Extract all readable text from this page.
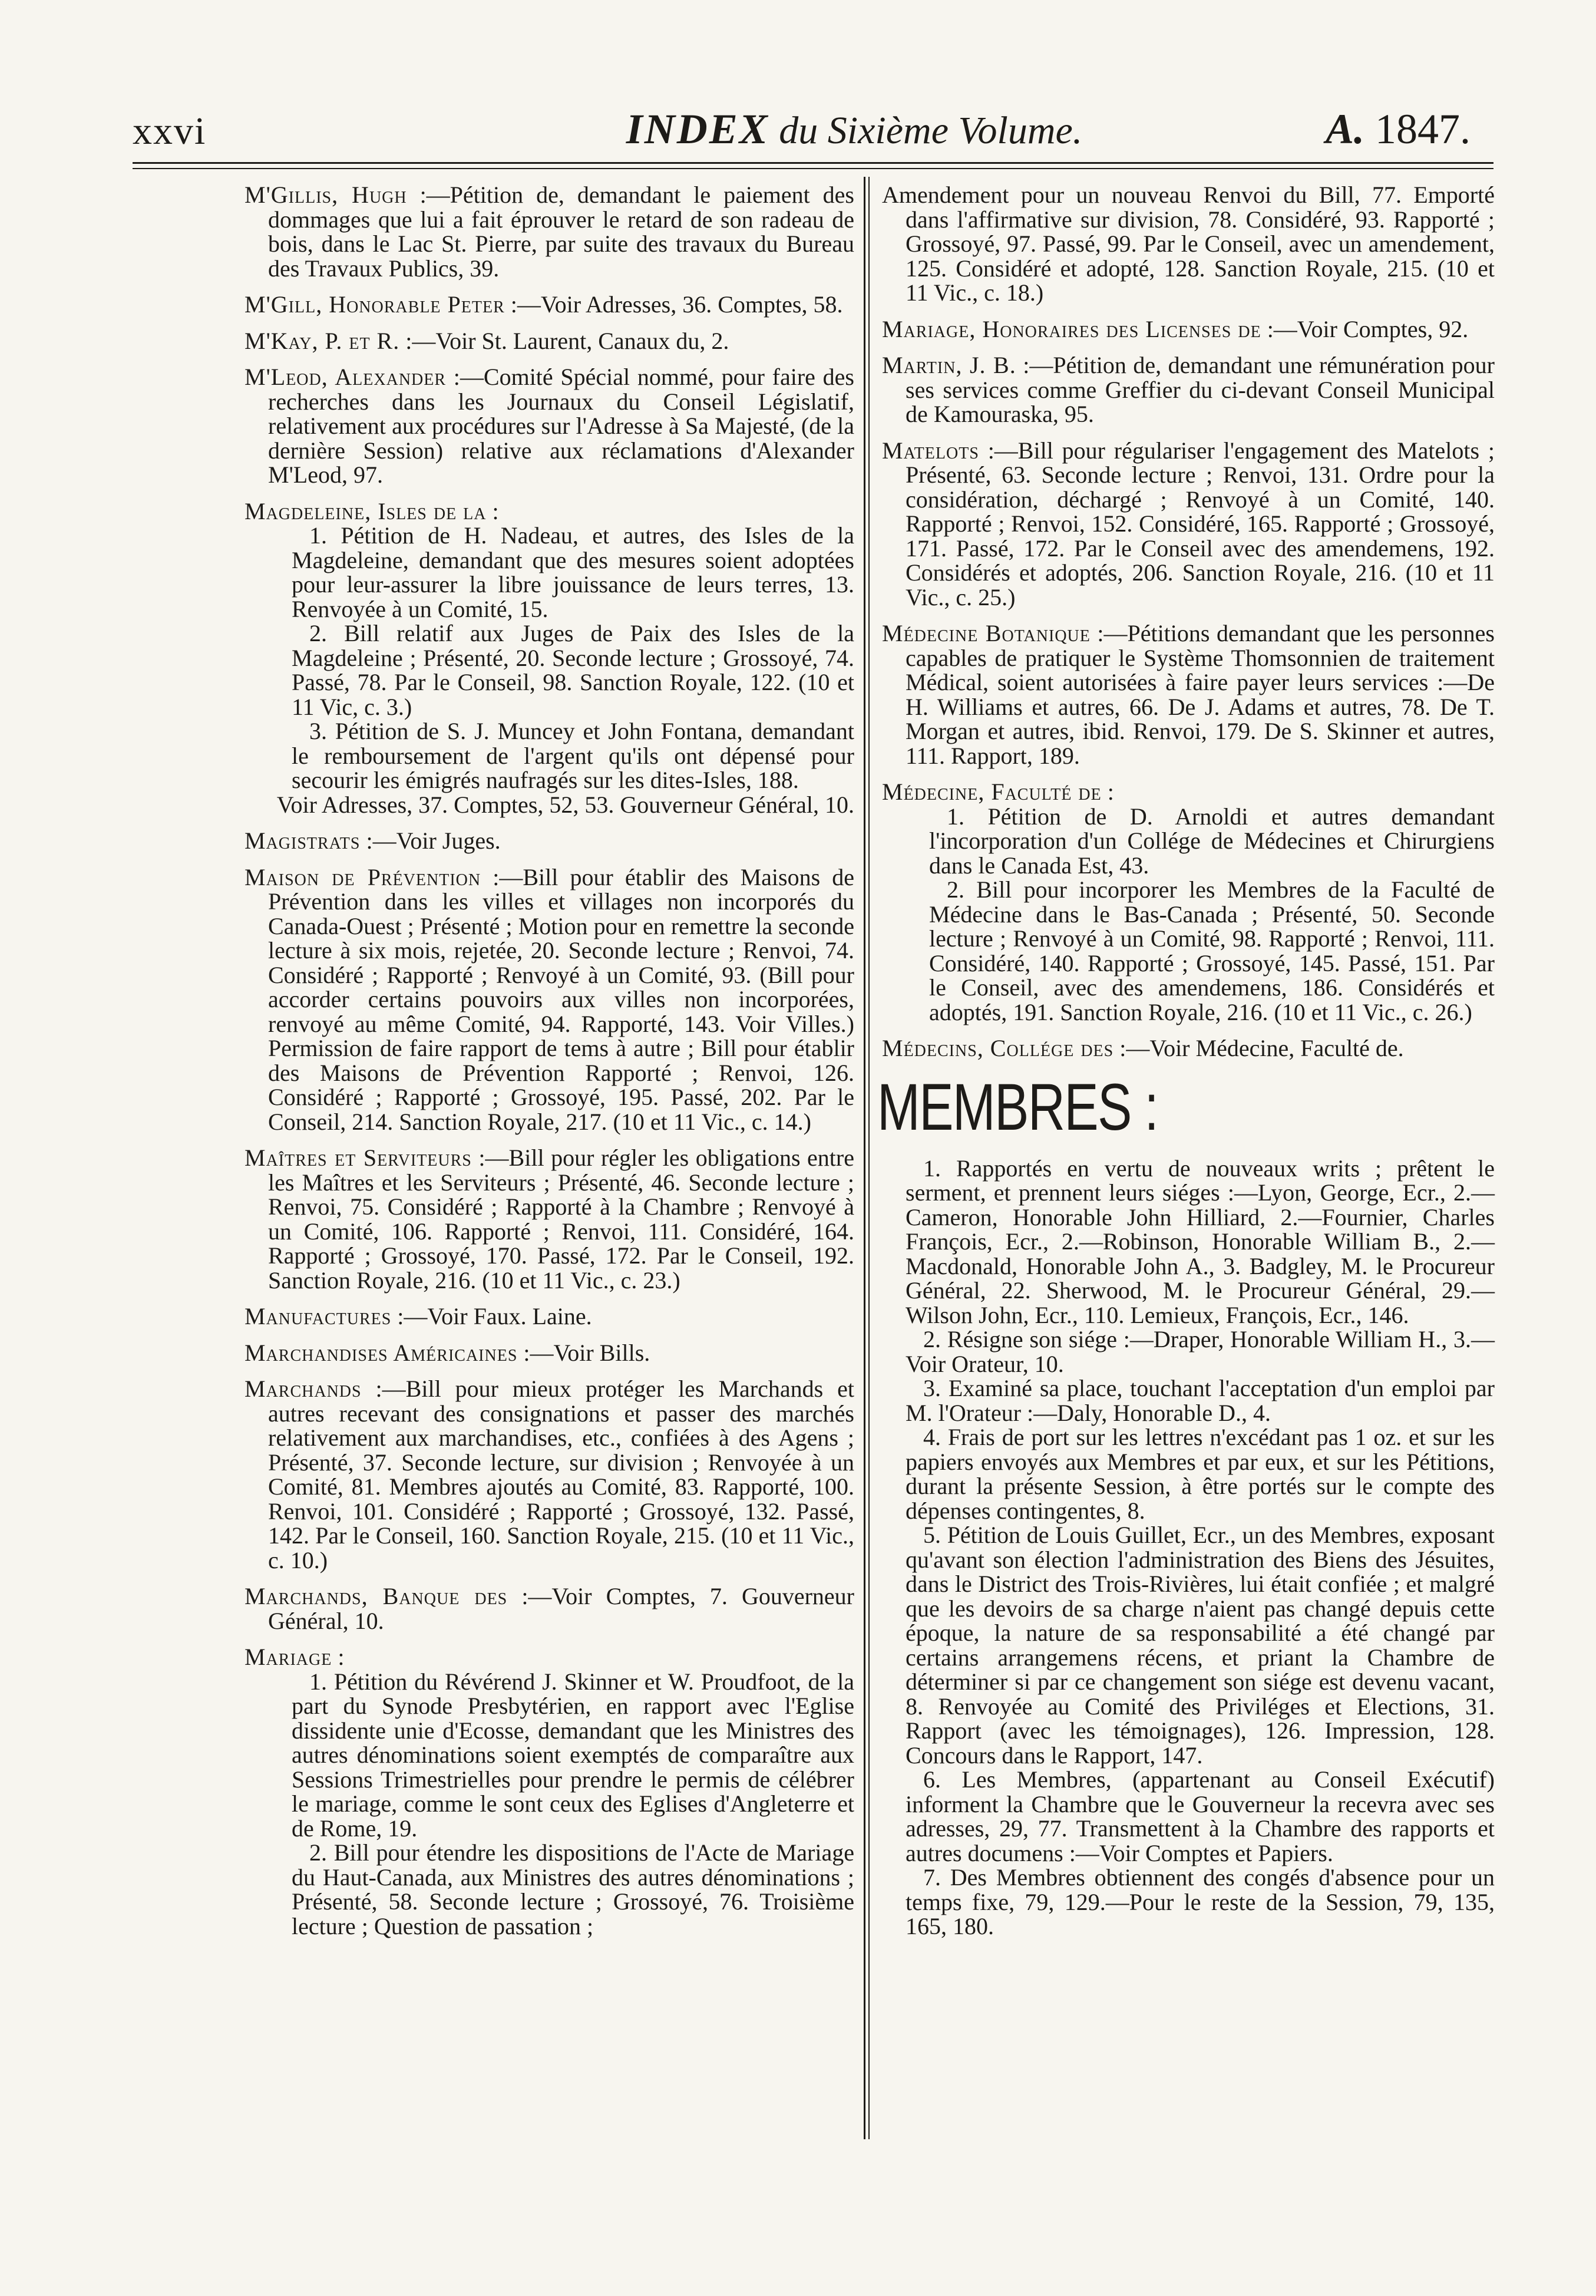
xxvi	INDEX du Sixième Volume.	A. 1847.
M'Gillis, Hugh :—Pétition de, demandant le paiement des dommages que lui a fait éprouver le retard de son radeau de bois, dans le Lac St. Pierre, par suite des travaux du Bureau des Travaux Publics, 39.
M'Gill, Honorable Peter :—Voir Adresses, 36. Comptes, 58.
M'Kay, P. et R. :—Voir St. Laurent, Canaux du, 2.
M'Leod, Alexander :—Comité Spécial nommé, pour faire des recherches dans les Journaux du Conseil Législatif, relativement aux procédures sur l'Adresse à Sa Majesté, (de la dernière Session) relative aux réclamations d'Alexander M'Leod, 97.
Magdeleine, Isles de la :

1. Pétition de H. Nadeau, et autres, des Isles de la Magdeleine, demandant que des mesures soient adoptées pour leur-assurer la libre jouissance de leurs terres, 13. Renvoyée à un Comité, 15.

2. Bill relatif aux Juges de Paix des Isles de la Magdeleine ; Présenté, 20. Seconde lecture ; Grossoyé, 74. Passé, 78. Par le Conseil, 98. Sanction Royale, 122. (10 et 11 Vic, c. 3.)

3. Pétition de S. J. Muncey et John Fontana, demandant le remboursement de l'argent qu'ils ont dépensé pour secourir les émigrés naufragés sur les dites-Isles, 188.

Voir Adresses, 37. Comptes, 52, 53. Gouverneur Général, 10.

Magistrats :—Voir Juges.
Maison de Prévention :—Bill pour établir des Maisons de Prévention dans les villes et villages non incorporés du Canada-Ouest ; Présenté ; Motion pour en remettre la seconde lecture à six mois, rejetée, 20. Seconde lecture ; Renvoi, 74. Considéré ; Rapporté ; Renvoyé à un Comité, 93. (Bill pour accorder certains pouvoirs aux villes non incorporées, renvoyé au même Comité, 94. Rapporté, 143. Voir Villes.) Permission de faire rapport de tems à autre ; Bill pour établir des Maisons de Prévention Rapporté ; Renvoi, 126. Considéré ; Rapporté ; Grossoyé, 195. Passé, 202. Par le Conseil, 214. Sanction Royale, 217. (10 et 11 Vic., c. 14.)
Maîtres et Serviteurs :—Bill pour régler les obligations entre les Maîtres et les Serviteurs ; Présenté, 46. Seconde lecture ; Renvoi, 75. Considéré ; Rapporté à la Chambre ; Renvoyé à un Comité, 106. Rapporté ; Renvoi, 111. Considéré, 164. Rapporté ; Grossoyé, 170. Passé, 172. Par le Conseil, 192. Sanction Royale, 216. (10 et 11 Vic., c. 23.)
Manufactures :—Voir Faux. Laine.
Marchandises Américaines :—Voir Bills.
Marchands :—Bill pour mieux protéger les Marchands et autres recevant des consignations et passer des marchés relativement aux marchandises, etc., confiées à des Agens ; Présenté, 37. Seconde lecture, sur division ; Renvoyée à un Comité, 81. Membres ajoutés au Comité, 83. Rapporté, 100. Renvoi, 101. Considéré ; Rapporté ; Grossoyé, 132. Passé, 142. Par le Conseil, 160. Sanction Royale, 215. (10 et 11 Vic., c. 10.)
Marchands, Banque des :—Voir Comptes, 7. Gouverneur Général, 10.
Mariage :

1. Pétition du Révérend J. Skinner et W. Proudfoot, de la part du Synode Presbytérien, en rapport avec l'Eglise dissidente unie d'Ecosse, demandant que les Ministres des autres dénominations soient exemptés de comparaître aux Sessions Trimestrielles pour prendre le permis de célébrer le mariage, comme le sont ceux des Eglises d'Angleterre et de Rome, 19.

2. Bill pour étendre les dispositions de l'Acte de Mariage du Haut-Canada, aux Ministres des autres dénominations ; Présenté, 58. Seconde lecture ; Grossoyé, 76. Troisième lecture ; Question de passation ;

Amendement pour un nouveau Renvoi du Bill, 77. Emporté dans l'affirmative sur division, 78. Considéré, 93. Rapporté ; Grossoyé, 97. Passé, 99. Par le Conseil, avec un amendement, 125. Considéré et adopté, 128. Sanction Royale, 215. (10 et 11 Vic., c. 18.)
Mariage, Honoraires des Licenses de :—Voir Comptes, 92.
Martin, J. B. :—Pétition de, demandant une rémunération pour ses services comme Greffier du ci-devant Conseil Municipal de Kamouraska, 95.
Matelots :—Bill pour régulariser l'engagement des Matelots ; Présenté, 63. Seconde lecture ; Renvoi, 131. Ordre pour la considération, déchargé ; Renvoyé à un Comité, 140. Rapporté ; Renvoi, 152. Considéré, 165. Rapporté ; Grossoyé, 171. Passé, 172. Par le Conseil avec des amendemens, 192. Considérés et adoptés, 206. Sanction Royale, 216. (10 et 11 Vic., c. 25.)
Médecine Botanique :—Pétitions demandant que les personnes capables de pratiquer le Système Thomsonnien de traitement Médical, soient autorisées à faire payer leurs services :—De H. Williams et autres, 66. De J. Adams et autres, 78. De T. Morgan et autres, ibid. Renvoi, 179. De S. Skinner et autres, 111. Rapport, 189.
Médecine, Faculté de :

1. Pétition de D. Arnoldi et autres demandant l'incorporation d'un Collége de Médecines et Chirurgiens dans le Canada Est, 43.

2. Bill pour incorporer les Membres de la Faculté de Médecine dans le Bas-Canada ; Présenté, 50. Seconde lecture ; Renvoyé à un Comité, 98. Rapporté ; Renvoi, 111. Considéré, 140. Rapporté ; Grossoyé, 145. Passé, 151. Par le Conseil, avec des amendemens, 186. Considérés et adoptés, 191. Sanction Royale, 216. (10 et 11 Vic., c. 26.)

Médecins, Collége des :—Voir Médecine, Faculté de.
MEMBRES :

1. Rapportés en vertu de nouveaux writs ; prêtent le serment, et prennent leurs siéges :—Lyon, George, Ecr., 2.—Cameron, Honorable John Hilliard, 2.—Fournier, Charles François, Ecr., 2.—Robinson, Honorable William B., 2.—Macdonald, Honorable John A., 3. Badgley, M. le Procureur Général, 22. Sherwood, M. le Procureur Général, 29.—Wilson John, Ecr., 110. Lemieux, François, Ecr., 146.

2. Résigne son siége :—Draper, Honorable William H., 3.—Voir Orateur, 10.

3. Examiné sa place, touchant l'acceptation d'un emploi par M. l'Orateur :—Daly, Honorable D., 4.

4. Frais de port sur les lettres n'excédant pas 1 oz. et sur les papiers envoyés aux Membres et par eux, et sur les Pétitions, durant la présente Session, à être portés sur le compte des dépenses contingentes, 8.

5. Pétition de Louis Guillet, Ecr., un des Membres, exposant qu'avant son élection l'administration des Biens des Jésuites, dans le District des Trois-Rivières, lui était confiée ; et malgré que les devoirs de sa charge n'aient pas changé depuis cette époque, la nature de sa responsabilité a été changé par certains arrangemens récens, et priant la Chambre de déterminer si par ce changement son siége est devenu vacant, 8. Renvoyée au Comité des Priviléges et Elections, 31. Rapport (avec les témoignages), 126. Impression, 128. Concours dans le Rapport, 147.

6. Les Membres, (appartenant au Conseil Exécutif) informent la Chambre que le Gouverneur la recevra avec ses adresses, 29, 77. Transmettent à la Chambre des rapports et autres documens :—Voir Comptes et Papiers.

7. Des Membres obtiennent des congés d'absence pour un temps fixe, 79, 129.—Pour le reste de la Session, 79, 135, 165, 180.
